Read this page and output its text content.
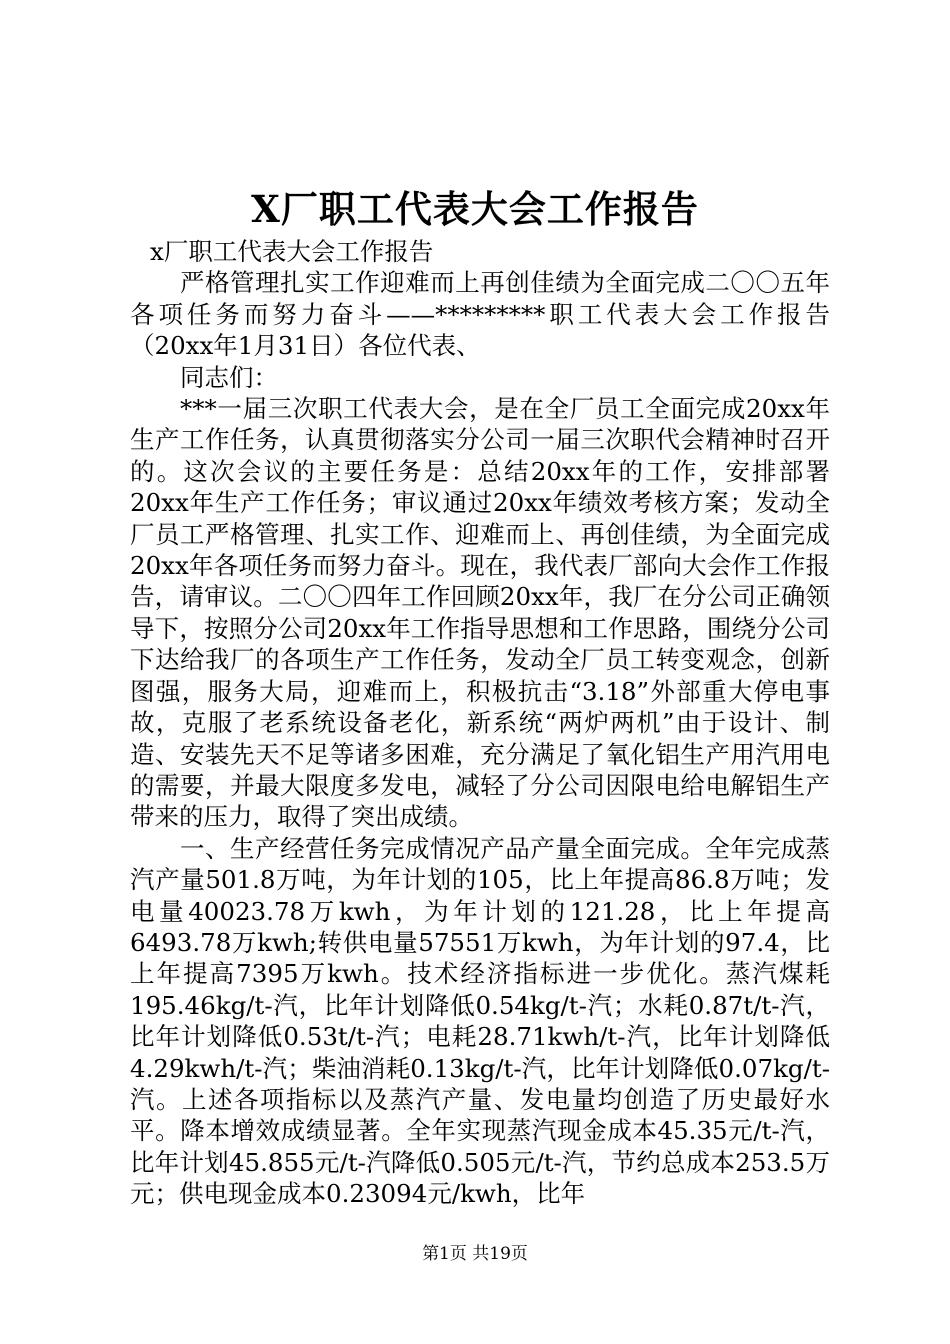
X厂职工代表大会工作报告

x厂职工代表大会工作报告

严格管理扎实工作迎难而上再创佳绩为全面完成二〇〇五年各项任务而努力奋斗——*********职工代表大会工作报告（20xx年1月31日）各位代表、

同志们：

***一届三次职工代表大会，是在全厂员工全面完成20xx年生产工作任务，认真贯彻落实分公司一届三次职代会精神时召开的。这次会议的主要任务是：总结20xx年的工作，安排部署20xx年生产工作任务；审议通过20xx年绩效考核方案；发动全厂员工严格管理、扎实工作、迎难而上、再创佳绩，为全面完成20xx年各项任务而努力奋斗。现在，我代表厂部向大会作工作报告，请审议。二〇〇四年工作回顾20xx年，我厂在分公司正确领导下，按照分公司20xx年工作指导思想和工作思路，围绕分公司下达给我厂的各项生产工作任务，发动全厂员工转变观念，创新图强，服务大局，迎难而上，积极抗击“3.18”外部重大停电事故，克服了老系统设备老化，新系统“两炉两机”由于设计、制造、安装先天不足等诸多困难，充分满足了氧化铝生产用汽用电的需要，并最大限度多发电，减轻了分公司因限电给电解铝生产带来的压力，取得了突出成绩。

一、生产经营任务完成情况产品产量全面完成。全年完成蒸汽产量501.8万吨，为年计划的105，比上年提高86.8万吨；发电量40023.78万kwh，为年计划的121.28，比上年提高6493.78万kwh;转供电量57551万kwh，为年计划的97.4，比上年提高7395万kwh。技术经济指标进一步优化。蒸汽煤耗195.46kg/t-汽，比年计划降低0.54kg/t-汽；水耗0.87t/t-汽，比年计划降低0.53t/t-汽；电耗28.71kwh/t-汽，比年计划降低4.29kwh/t-汽；柴油消耗0.13kg/t-汽，比年计划降低0.07kg/t-汽。上述各项指标以及蒸汽产量、发电量均创造了历史最好水平。降本增效成绩显著。全年实现蒸汽现金成本45.35元/t-汽，比年计划45.855元/t-汽降低0.505元/t-汽，节约总成本253.5万元；供电现金成本0.23094元/kwh，比年

第1页 共19页
